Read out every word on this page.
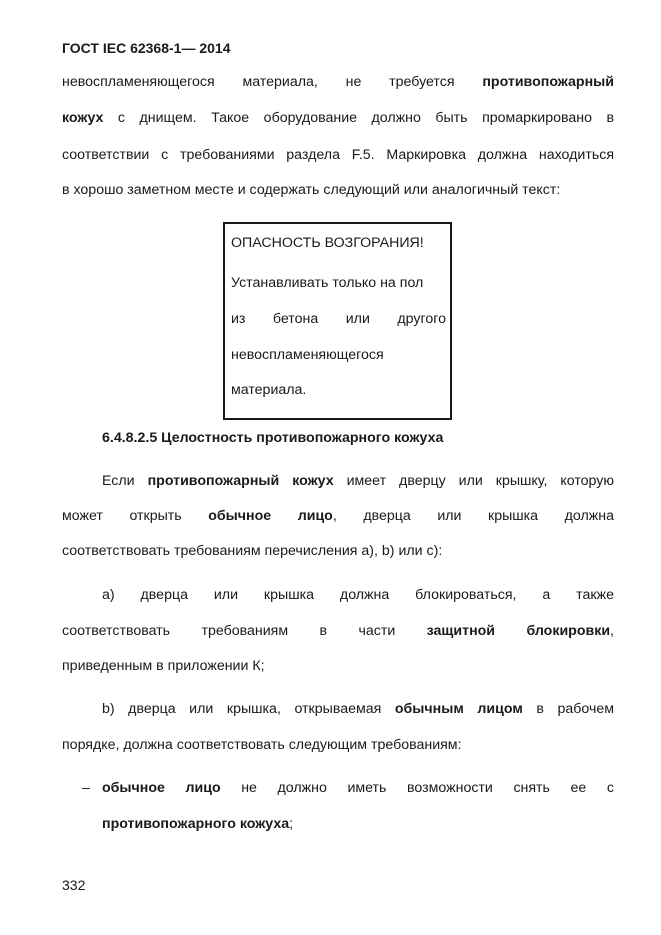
ГОСТ IEC 62368-1— 2014
невоспламеняющегося материала, не требуется противопожарный
кожух с днищем. Такое оборудование должно быть промаркировано в
соответствии с требованиями раздела F.5. Маркировка должна находиться
в хорошо заметном месте и содержать следующий или аналогичный текст:
ОПАСНОСТЬ ВОЗГОРАНИЯ!
Устанавливать только на пол
из бетона или другого
невоспламеняющегося
материала.
6.4.8.2.5 Целостность противопожарного кожуха
Если противопожарный кожух имеет дверцу или крышку, которую
может открыть обычное лицо, дверца или крышка должна
соответствовать требованиям перечисления а), b) или с):
а) дверца или крышка должна блокироваться, а также
соответствовать требованиям в части защитной блокировки,
приведенным в приложении К;
b) дверца или крышка, открываемая обычным лицом в рабочем
порядке, должна соответствовать следующим требованиям:
– обычное лицо не должно иметь возможности снять ее с
противопожарного кожуха;
332
